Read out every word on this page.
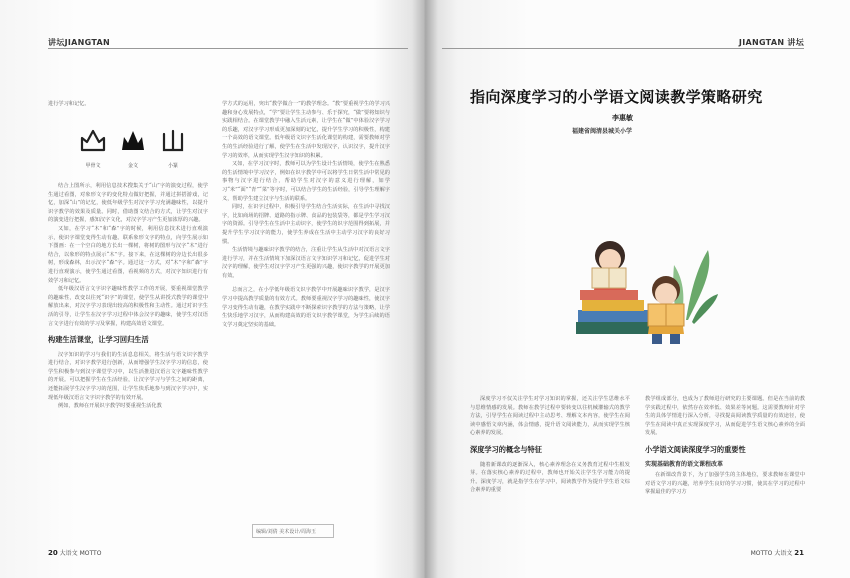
讲坛JIANGTAN

进行学习和记忆。

甲骨文	金文	小篆

结合上图所示，利用信息技术搜集关于“山”字的演变过程，使学生通过看图，对象形文字的变化特点做好把握，并通过拼搭游戏，记忆，加深“山”的记忆，使低年级学生对汉字学习充满趣味性，以提升识字教学的效果及质量。同时，借助图文结合的方式，让学生对汉字的演变进行把握，感知汉字文化，对汉字学习产生更加浓厚的兴趣。

又如，在学习“木”和“森”字的时候，利用信息技术进行直观演示，使识字课堂变得生动有趣。联系象形文字的特点，向学生展示如下图画：在一个空白的地方长出一棵树，将树的图形与汉字“木”进行结合，以象形的特点展示“木”字。接下来，在这棵树的旁边长出很多树，形成森林，出示汉字“森”字。通过这一方式，对“木”字和“森”字进行直观演示，使学生通过看图，看视频的方式，对汉字知识进行有效学习和记忆。

低年级汉语言文字识字趣味性教学工作的开展，要重视课堂教学的趣味性，改变以往死“识字”的课堂，使学生从讲授式教学的课堂中解放出来，对汉字学习表现出较高的积极性和主动性。通过对识字生活的引导，让学生在汉字学习过程中体会汉字的趣味，使学生对汉语言文字进行有效的学习及掌握，构建高效语文课堂。

构建生活课堂，让学习回归生活

汉字知识的学习与我们的生活息息相关，将生活与语文识字教学进行结合，对识字教学进行创新，从而增强学生汉字学习的信息，使学生积极参与到汉字课堂学习中，以生活推进汉语言文字趣味性教学的开展。可以把握学生在生活经验，让汉字学习与学生之间的距离，还能拓展学生汉字学习的范围，让学生快乐地参与到汉字学习中，实现低年级汉语言文字识字教学的有效开展。

例如，教师在开展识字教学时要重视生活化教

学方式的运用，突出“教学做合一”的教学理念。“教”要重视学生的学习兴趣和身心发展特点，“学”要让学生主动参与、乐于探究，“做”要将知识与实践相结合。在课堂教学中融入生活元素，让学生在“做”中体验汉字学习的乐趣，对汉字学习形成更加深刻的记忆，提升学生学习的积极性，构建一个高效的语文课堂。低年级语文识字生活化课堂的构建，需要教师对学生的生活经验进行了解，使学生在生活中发现汉字，认识汉字，提升汉字学习的效率，从而实现学生汉字知识的积累。

又如，在学习汉字时，教师可以为学生设计生活情境，使学生在熟悉的生活情境中学习汉字，例如在识字教学中可以将学生日常生活中常见的事物与汉字进行结合，帮助学生对汉字的意义进行理解，如学习“米”“面”“青”“菜”等字时，可以结合学生的生活经验，引导学生理解字义，帮助学生建立汉字与生活的联系。

同时，在识字过程中，积极引导学生结合生活实际，在生活中寻找汉字，比如商场的招牌、道路的指示牌、食品的包装袋等，都是学生学习汉字的资源。引导学生在生活中主动识字，使学生的识字范围得到拓展，并提升学生学习汉字的能力，使学生养成在生活中主动学习汉字的良好习惯。

生活情境与趣味识字教学的结合，注重让学生从生活中对汉语言文字进行学习，并在生活情境下加深汉语言文字知识学习和记忆，促进学生对汉字的理解，使学生对汉字学习产生更强的兴趣，使识字教学的开展更加有效。

总而言之，在小学低年级语文识字教学中开展趣味识字教学，是汉字学习中提高教学质量的有效方式。教师要重视汉字学习的趣味性，使汉字学习变得生动有趣，在教学实践中不断探索识字教学的方法与策略，让学生快乐地学习汉字，从而构建高效的语文识字教学课堂，为学生后续的语文学习奠定坚实的基础。

编辑/刘倩 美术设计/周海玉
20 大语文 MOTTO
JIANGTAN 讲坛
MOTTO 大语文 21
指向深度学习的小学语文阅读教学策略研究
李惠敏
福建省闽清县城关小学

深度学习不仅关注学生对学习知识的掌握，还关注学生思维水平与思维情感的发展。教师在教学过程中要转变以往机械灌输式的教学方法，引导学生在阅读过程中主动思考、理解文本内容，使学生在阅读中感悟文章内涵，体会情感，提升语文阅读能力，从而实现学生核心素养的发展。

深度学习的概念与特征

随着新课改的逐渐深入，核心素养理念在义务教育过程中生根发芽。在落实核心素养的过程中，教师也开始关注学生学习能力的提升。深度学习，就是指学生在学习中，阅读教学作为提升学生语文综合素养的重要

教学组成部分，也成为了教师进行研究的主要课题。但是在当前的教学实践过程中，依然存在效率低、效果差等问题。这需要教师针对学生的具体学情进行深入分析，寻找提高阅读教学质量的有效途径，使学生在阅读中真正实现深度学习，从而促进学生语文核心素养的全面发展。

小学语文阅读深度学习的重要性
实现基础教育的语文课程改革

在新课改背景下，为了加强学生的主体地位，要求教师在课堂中对语文学习的兴趣，培养学生良好的学习习惯，使其在学习的过程中掌握最佳的学习方
